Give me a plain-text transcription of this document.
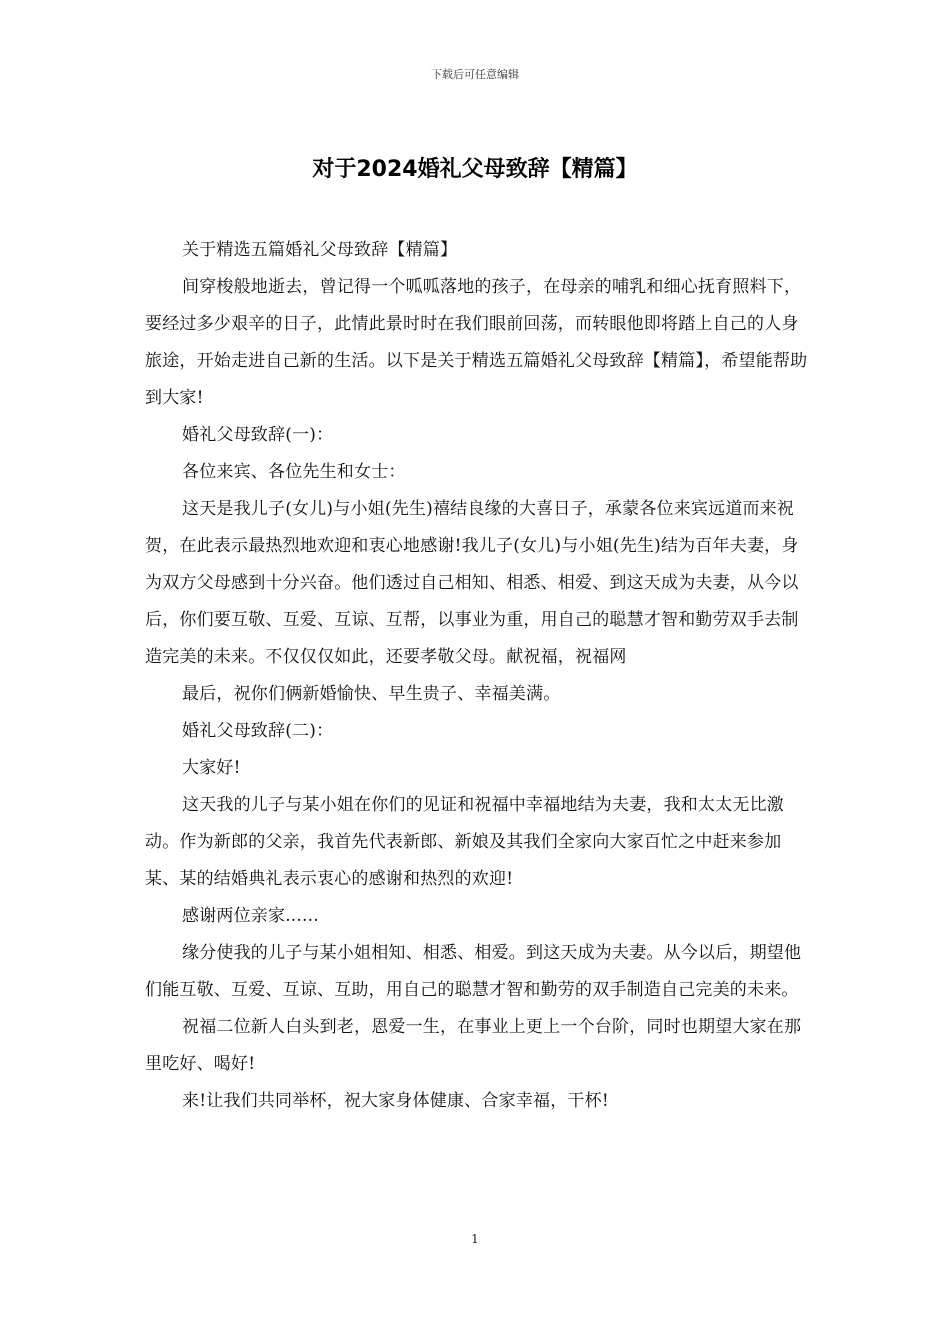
下载后可任意编辑
对于2024婚礼父母致辞【精篇】

关于精选五篇婚礼父母致辞【精篇】

间穿梭般地逝去，曾记得一个呱呱落地的孩子，在母亲的哺乳和细心抚育照料下，要经过多少艰辛的日子，此情此景时时在我们眼前回荡，而转眼他即将踏上自己的人身旅途，开始走进自己新的生活。以下是关于精选五篇婚礼父母致辞【精篇】，希望能帮助到大家!

婚礼父母致辞(一)：

各位来宾、各位先生和女士：

这天是我儿子(女儿)与小姐(先生)禧结良缘的大喜日子，承蒙各位来宾远道而来祝贺，在此表示最热烈地欢迎和衷心地感谢!我儿子(女儿)与小姐(先生)结为百年夫妻，身为双方父母感到十分兴奋。他们透过自己相知、相悉、相爱、到这天成为夫妻，从今以后，你们要互敬、互爱、互谅、互帮，以事业为重，用自己的聪慧才智和勤劳双手去制造完美的未来。不仅仅仅如此，还要孝敬父母。献祝福，祝福网

最后，祝你们俩新婚愉快、早生贵子、幸福美满。

婚礼父母致辞(二)：

大家好!

这天我的儿子与某小姐在你们的见证和祝福中幸福地结为夫妻，我和太太无比激动。作为新郎的父亲，我首先代表新郎、新娘及其我们全家向大家百忙之中赶来参加某、某的结婚典礼表示衷心的感谢和热烈的欢迎!

感谢两位亲家......

缘分使我的儿子与某小姐相知、相悉、相爱。到这天成为夫妻。从今以后，期望他们能互敬、互爱、互谅、互助，用自己的聪慧才智和勤劳的双手制造自己完美的未来。

祝福二位新人白头到老，恩爱一生，在事业上更上一个台阶，同时也期望大家在那里吃好、喝好!

来!让我们共同举杯，祝大家身体健康、合家幸福，干杯!

1
